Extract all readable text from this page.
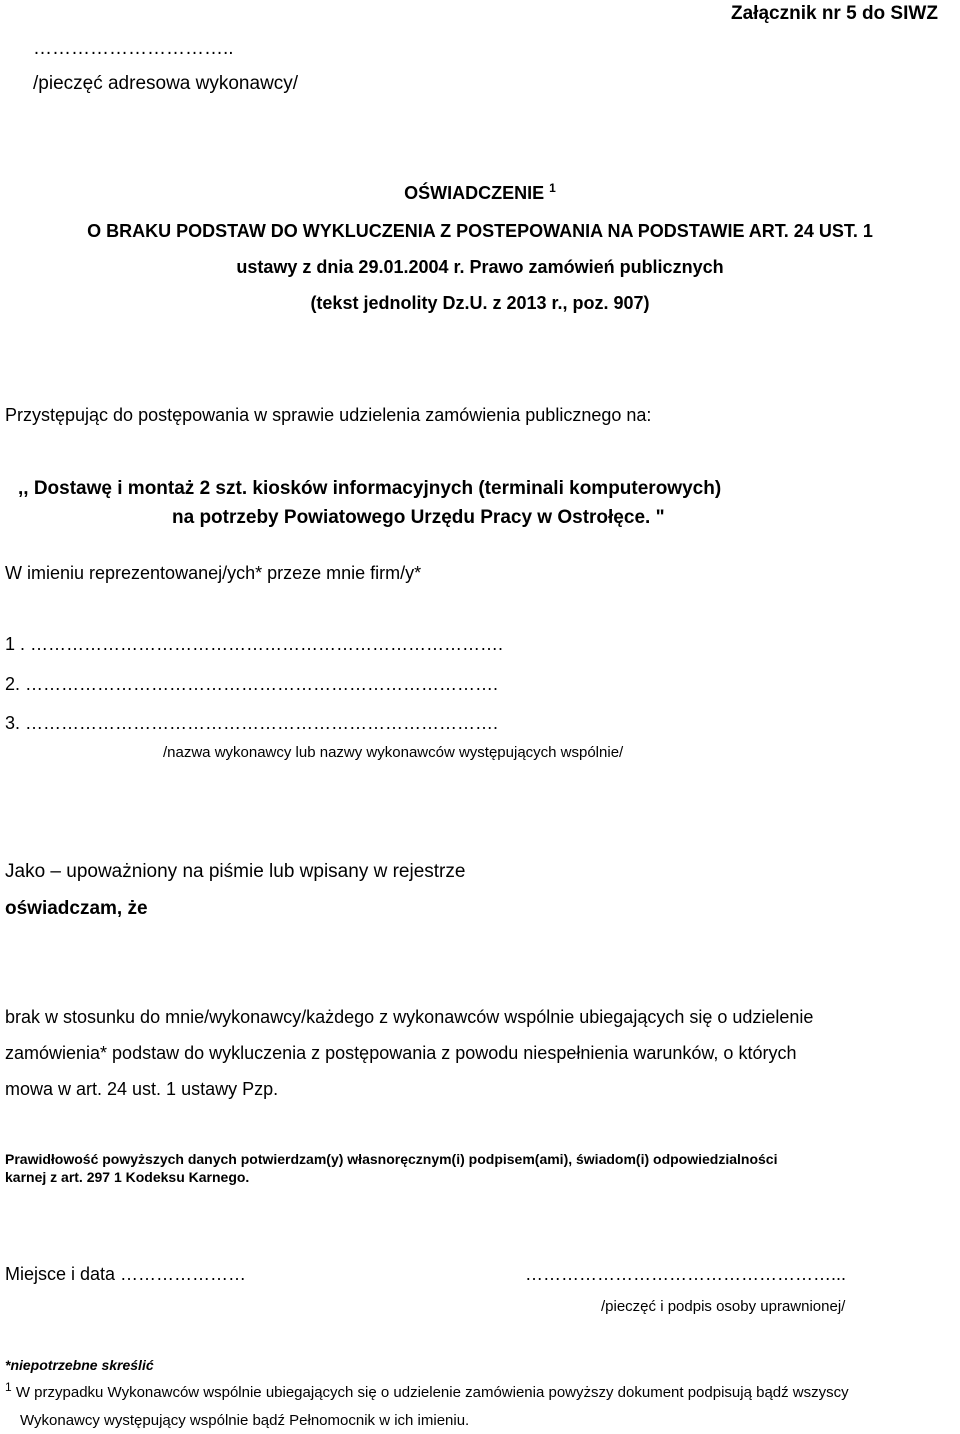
Załącznik nr 5 do SIWZ
…………………………..
/pieczęć adresowa wykonawcy/
OŚWIADCZENIE $^1$
O BRAKU PODSTAW DO WYKLUCZENIA Z POSTEPOWANIA NA PODSTAWIE ART. 24 UST. 1
ustawy z dnia 29.01.2004 r. Prawo zamówień publicznych
(tekst jednolity Dz.U. z 2013 r., poz. 907)
Przystępując do postępowania w sprawie udzielenia zamówienia publicznego na:
,, Dostawę i montaż 2 szt. kiosków informacyjnych (terminali komputerowych)
na potrzeby Powiatowego Urzędu Pracy w Ostrołęce. "
W imieniu reprezentowanej/ych* przeze mnie firm/y*
1 . …………………………………………………………………….
2. …………………………………………………………………….
3. …………………………………………………………………….
/nazwa wykonawcy lub nazwy wykonawców występujących wspólnie/
Jako – upoważniony na piśmie lub wpisany w rejestrze
oświadczam, że
brak w stosunku do mnie/wykonawcy/każdego z wykonawców wspólnie ubiegających się o udzielenie
zamówienia* podstaw do wykluczenia z postępowania z powodu niespełnienia warunków, o których
mowa w art. 24 ust. 1 ustawy Pzp.
Prawidłowość powyższych danych potwierdzam(y) własnoręcznym(i) podpisem(ami), świadom(i) odpowiedzialności
karnej z art. 297 1 Kodeksu Karnego.
Miejsce i data …………………	……………………………………………...
/pieczęć i podpis osoby uprawnionej/
*niepotrzebne skreślić
$^1$ W przypadku Wykonawców wspólnie ubiegających się o udzielenie zamówienia powyższy dokument podpisują bądź wszyscy
Wykonawcy występujący wspólnie bądź Pełnomocnik w ich imieniu.
